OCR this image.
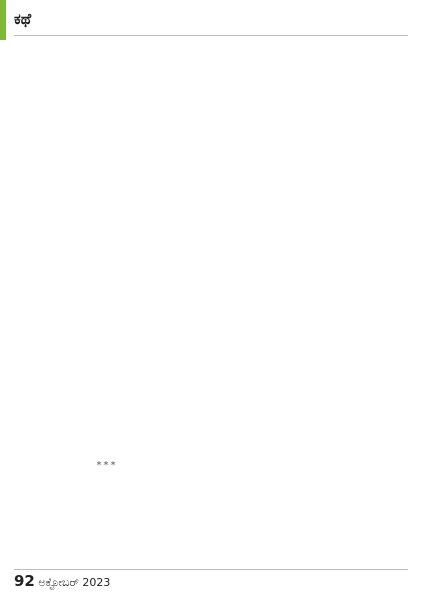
ಕಥೆ
***
92 ಅಕ್ಟೋಬರ್ 2023
